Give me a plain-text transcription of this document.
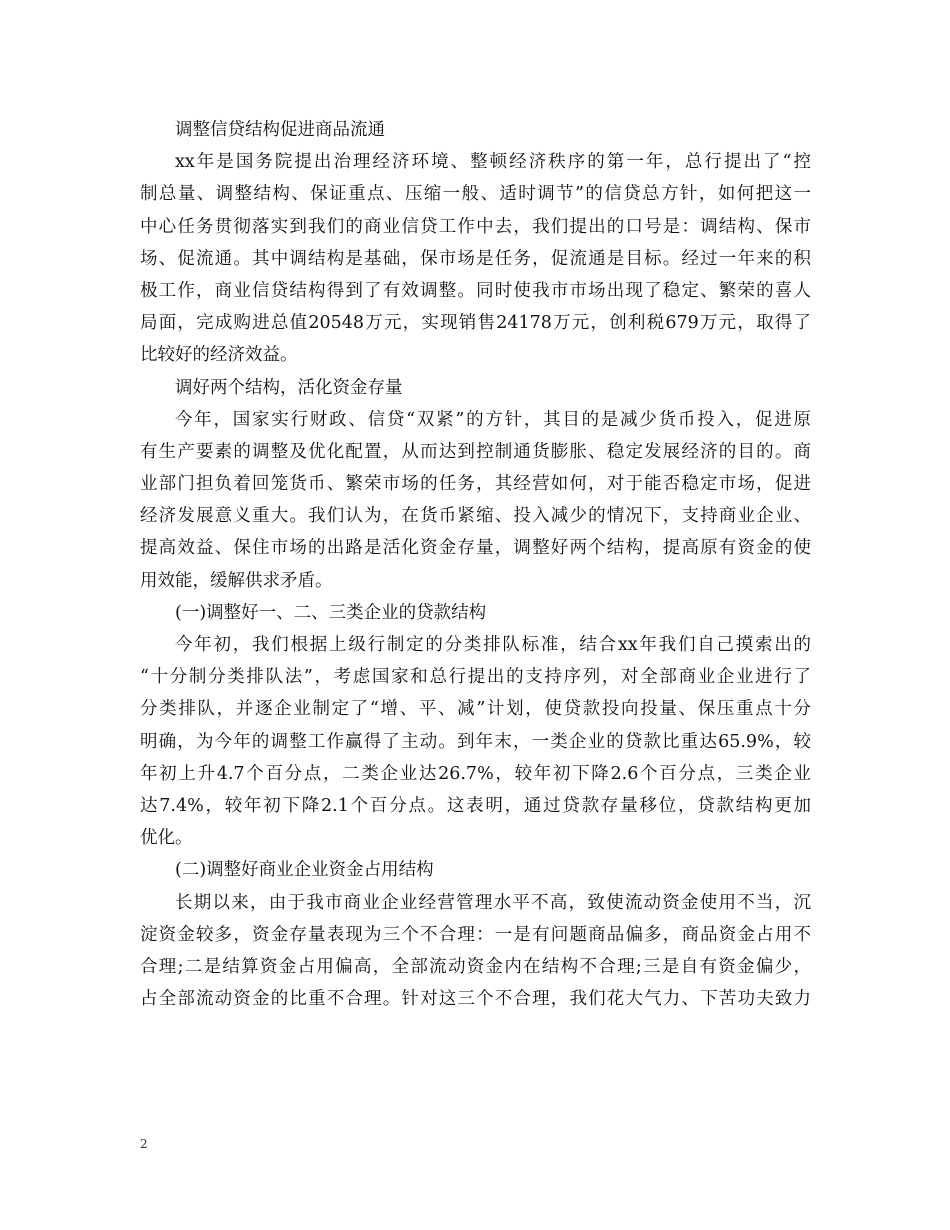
调整信贷结构促进商品流通
xx年是国务院提出治理经济环境、整顿经济秩序的第一年，总行提出了“控
制总量、调整结构、保证重点、压缩一般、适时调节”的信贷总方针，如何把这一
中心任务贯彻落实到我们的商业信贷工作中去，我们提出的口号是：调结构、保市
场、促流通。其中调结构是基础，保市场是任务，促流通是目标。经过一年来的积
极工作，商业信贷结构得到了有效调整。同时使我市市场出现了稳定、繁荣的喜人
局面，完成购进总值20548万元，实现销售24178万元，创利税679万元，取得了
比较好的经济效益。
调好两个结构，活化资金存量
今年，国家实行财政、信贷“双紧”的方针，其目的是减少货币投入，促进原
有生产要素的调整及优化配置，从而达到控制通货膨胀、稳定发展经济的目的。商
业部门担负着回笼货币、繁荣市场的任务，其经营如何，对于能否稳定市场，促进
经济发展意义重大。我们认为，在货币紧缩、投入减少的情况下，支持商业企业、
提高效益、保住市场的出路是活化资金存量，调整好两个结构，提高原有资金的使
用效能，缓解供求矛盾。
(一)调整好一、二、三类企业的贷款结构
今年初，我们根据上级行制定的分类排队标准，结合xx年我们自己摸索出的
“十分制分类排队法”，考虑国家和总行提出的支持序列，对全部商业企业进行了
分类排队，并逐企业制定了“增、平、减”计划，使贷款投向投量、保压重点十分
明确，为今年的调整工作赢得了主动。到年末，一类企业的贷款比重达65.9%，较
年初上升4.7个百分点，二类企业达26.7%，较年初下降2.6个百分点，三类企业
达7.4%，较年初下降2.1个百分点。这表明，通过贷款存量移位，贷款结构更加
优化。
(二)调整好商业企业资金占用结构
长期以来，由于我市商业企业经营管理水平不高，致使流动资金使用不当，沉
淀资金较多，资金存量表现为三个不合理：一是有问题商品偏多，商品资金占用不
合理;二是结算资金占用偏高，全部流动资金内在结构不合理;三是自有资金偏少，
占全部流动资金的比重不合理。针对这三个不合理，我们花大气力、下苦功夫致力
2
